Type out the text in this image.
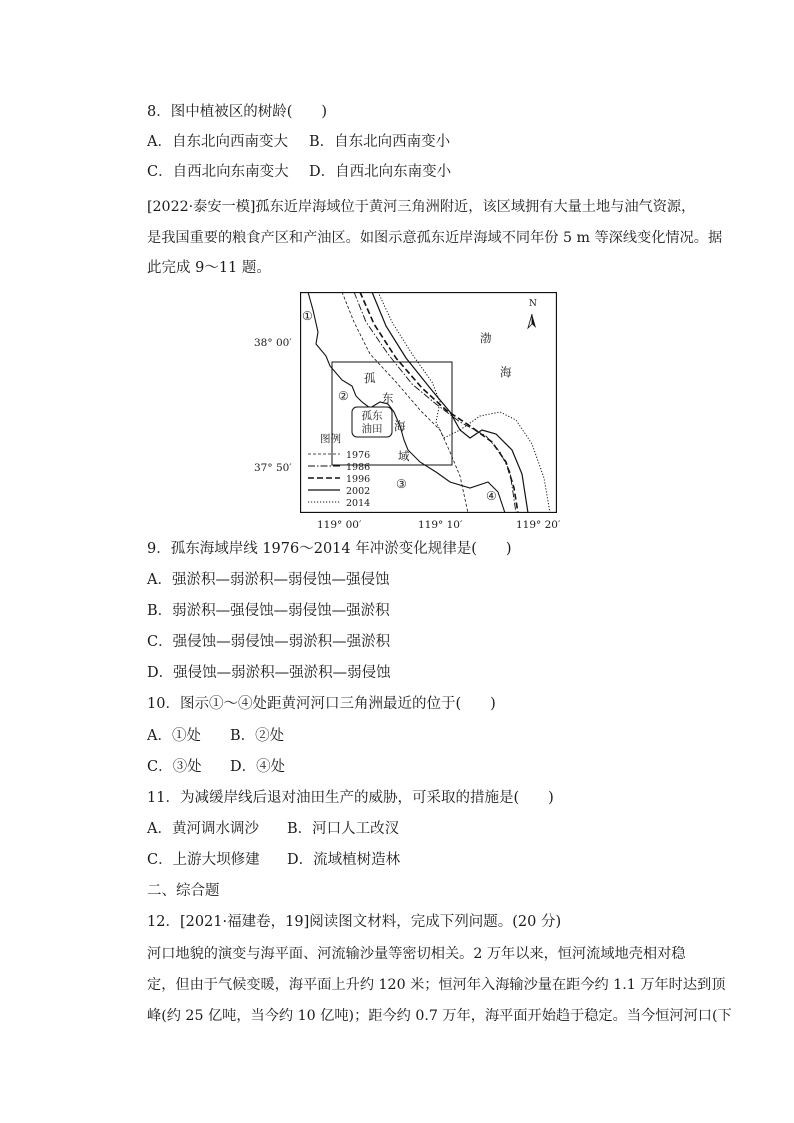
8．图中植被区的树龄(　　)
A．自东北向西南变大 B．自东北向西南变小
C．自西北向东南变大 D．自西北向东南变小
[2022·泰安一模]孤东近岸海域位于黄河三角洲附近，该区域拥有大量土地与油气资源，
是我国重要的粮食产区和产油区。如图示意孤东近岸海域不同年份 5 m 等深线变化情况。据
此完成 9～11 题。
孤东
油田
N
渤
海
孤
东
海
域
①
②
③
④
图例
1976
1986
1996
2002
2014
38° 00′
37° 50′
119° 00′	119° 10′	119° 20′
9．孤东海域岸线 1976～2014 年冲淤变化规律是(　　)
A．强淤积—弱淤积—弱侵蚀—强侵蚀
B．弱淤积—强侵蚀—弱侵蚀—强淤积
C．强侵蚀—弱侵蚀—弱淤积—强淤积
D．强侵蚀—弱淤积—强淤积—弱侵蚀
10．图示①～④处距黄河河口三角洲最近的位于(　　)
A．①处 B．②处
C．③处 D．④处
11．为减缓岸线后退对油田生产的威胁，可采取的措施是(　　)
A．黄河调水调沙 B．河口人工改汊
C．上游大坝修建 D．流域植树造林
二、综合题
12．[2021·福建卷，19]阅读图文材料，完成下列问题。(20 分)
河口地貌的演变与海平面、河流输沙量等密切相关。2 万年以来，恒河流域地壳相对稳
定，但由于气候变暖，海平面上升约 120 米；恒河年入海输沙量在距今约 1.1 万年时达到顶
峰(约 25 亿吨，当今约 10 亿吨)；距今约 0.7 万年，海平面开始趋于稳定。当今恒河河口(下
